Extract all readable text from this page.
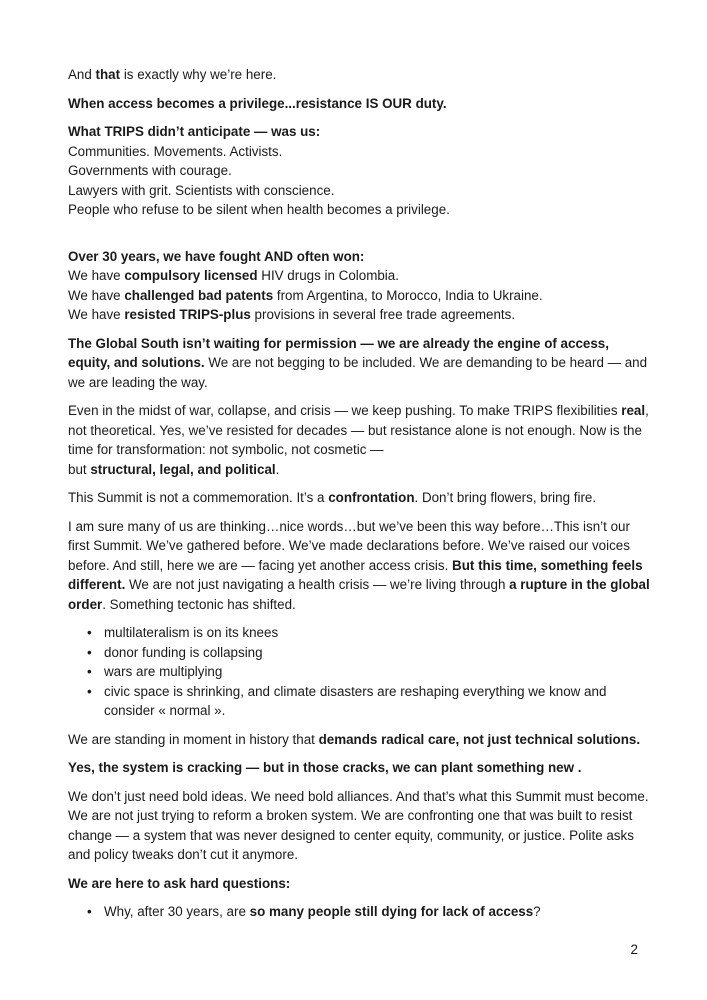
And that is exactly why we’re here.

When access becomes a privilege...resistance IS OUR duty.

What TRIPS didn’t anticipate — was us:
Communities. Movements. Activists.
Governments with courage.
Lawyers with grit. Scientists with conscience.
People who refuse to be silent when health becomes a privilege.
Over 30 years, we have fought AND often won:
We have compulsory licensed HIV drugs in Colombia.
We have challenged bad patents from Argentina, to Morocco, India to Ukraine.
We have resisted TRIPS-plus provisions in several free trade agreements.

The Global South isn’t waiting for permission — we are already the engine of access, equity, and solutions. We are not begging to be included. We are demanding to be heard — and we are leading the way.

Even in the midst of war, collapse, and crisis — we keep pushing. To make TRIPS flexibilities real, not theoretical. Yes, we’ve resisted for decades — but resistance alone is not enough. Now is the time for transformation: not symbolic, not cosmetic —
but structural, legal, and political.

This Summit is not a commemoration. It’s a confrontation. Don’t bring flowers, bring fire.

I am sure many of us are thinking…nice words…but we’ve been this way before…This isn’t our first Summit. We’ve gathered before. We’ve made declarations before. We’ve raised our voices before. And still, here we are — facing yet another access crisis. But this time, something feels different. We are not just navigating a health crisis — we’re living through a rupture in the global order. Something tectonic has shifted.

• multilateralism is on its knees
• donor funding is collapsing
• wars are multiplying
• civic space is shrinking, and climate disasters are reshaping everything we know and consider « normal ».

We are standing in moment in history that demands radical care, not just technical solutions.

Yes, the system is cracking — but in those cracks, we can plant something new .

We don’t just need bold ideas. We need bold alliances. And that’s what this Summit must become. We are not just trying to reform a broken system. We are confronting one that was built to resist change — a system that was never designed to center equity, community, or justice. Polite asks and policy tweaks don’t cut it anymore.

We are here to ask hard questions:

• Why, after 30 years, are so many people still dying for lack of access?
2
